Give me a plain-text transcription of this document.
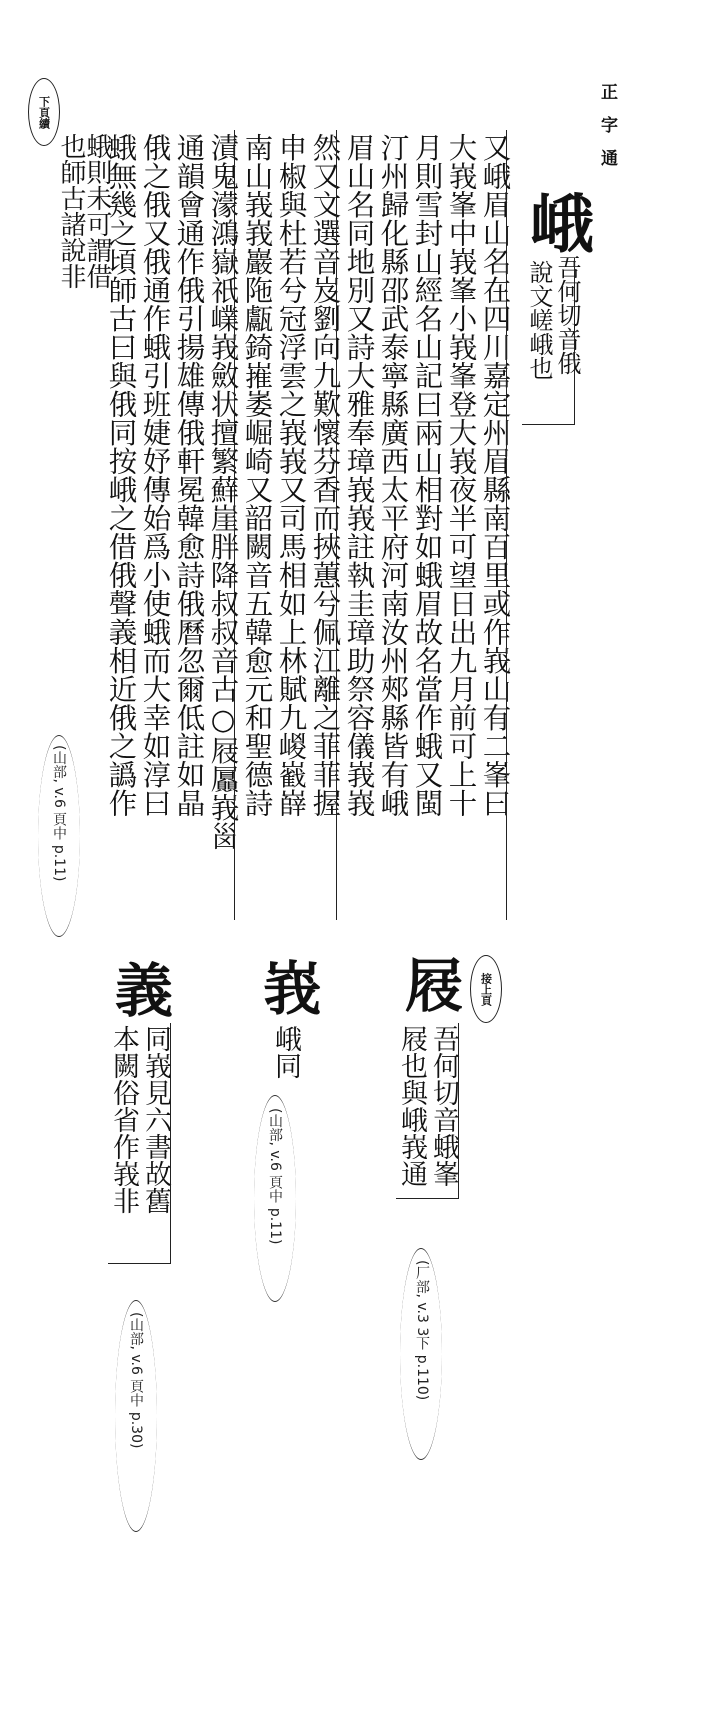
正字通
峨
吾何切音俄
說文嵯峨也
又峨眉山名在四川嘉定州眉縣南百里或作峩山有二峯曰
大峩峯中峩峯小峩峯登大峩夜半可望日出九月前可上十
月則雪封山經名山記曰兩山相對如蛾眉故名當作蛾又閩
汀州歸化縣邵武泰寧縣廣西太平府河南汝州郟縣皆有峨
眉山名同地別又詩大雅奉璋峩峩註執圭璋助祭容儀峩峩
然又文選音岌劉向九歎懷芬香而挾蕙兮佩江離之菲菲握
申椒與杜若兮冠浮雲之峩峩又司馬相如上林賦九嵕巀嶭
南山峩峩巖陁甗錡嶊崣崛崎又韶闕音五韓愈元和聖德詩
漬鬼濛鴻嶽祇嶫峩斂状擅繁蘚崖胖降叔叔音古○屐屭峩𡿺
通韻會通作俄引揚雄傳俄軒冕韓愈詩俄曆忽爾低註如晶
俄之俄又俄通作蛾引班婕妤傳始爲小使蛾而大幸如淳曰
蛾無幾之頃師古曰與俄同按峨之借俄聲義相近俄之譌作
蛾則未可謂借
也師古諸說非
下頁續
(山部, v.6 頁中 p.11)
屐	接上頁
吾何切音蛾峯
屐也與峨峩通
(厂部, v.3 3下 p.110)
峩
峨同
(山部, v.6 頁中 p.11)
義
同峩見六書故舊
本闕俗省作峩非
(山部, v.6 頁中 p.30)
